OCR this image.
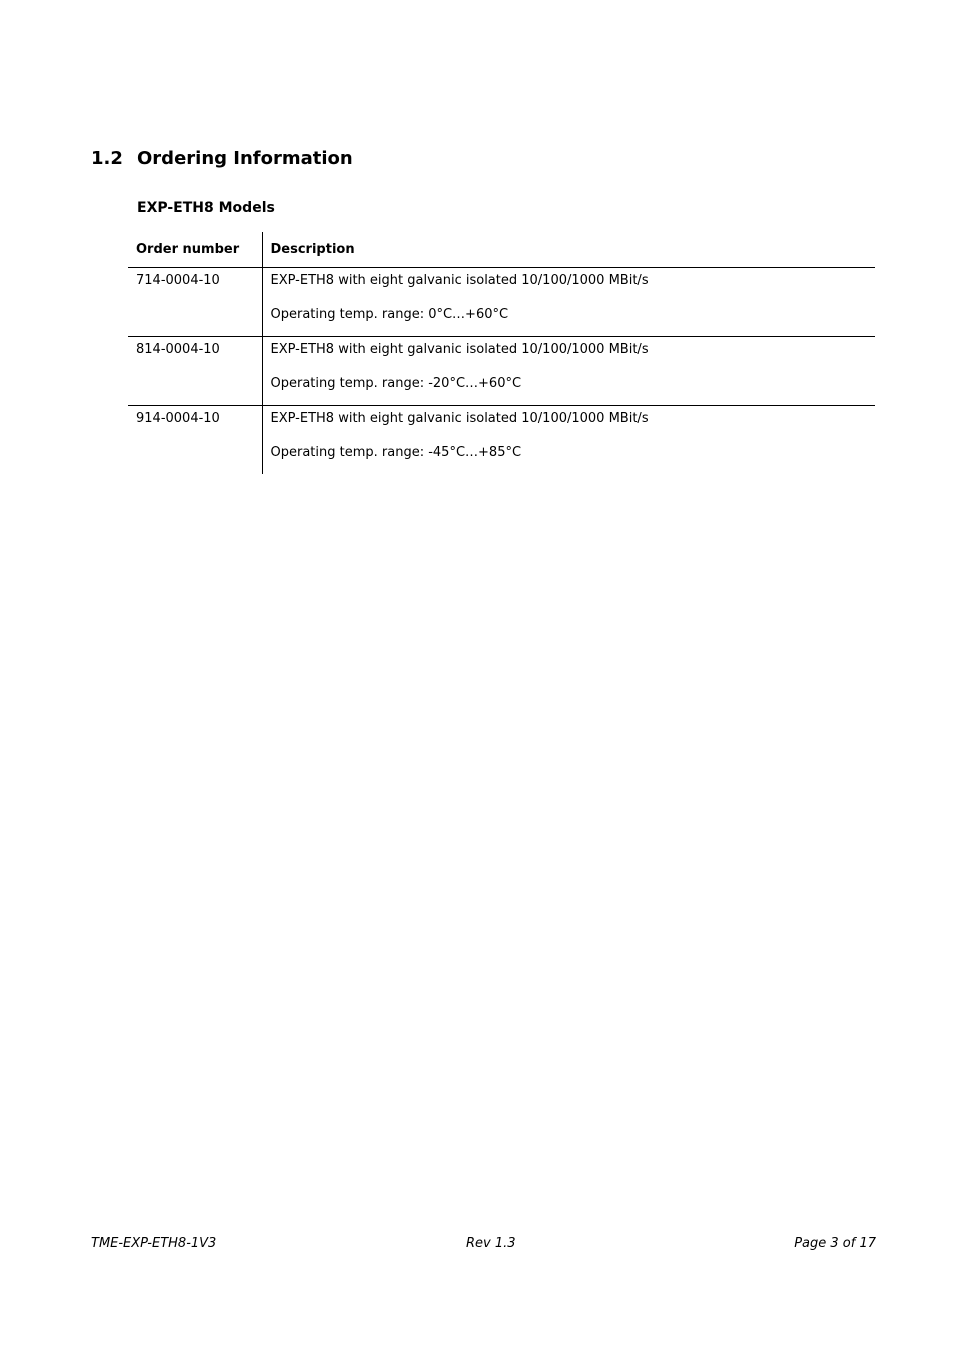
1.2 Ordering Information
EXP-ETH8 Models
Order number	Description
714-0004-10	EXP-ETH8 with eight galvanic isolated 10/100/1000 MBit/s
Operating temp. range: 0°C…+60°C

814-0004-10	EXP-ETH8 with eight galvanic isolated 10/100/1000 MBit/s
Operating temp. range: -20°C…+60°C

914-0004-10	EXP-ETH8 with eight galvanic isolated 10/100/1000 MBit/s
Operating temp. range: -45°C…+85°C
TME-EXP-ETH8-1V3	Rev 1.3	Page 3 of 17
